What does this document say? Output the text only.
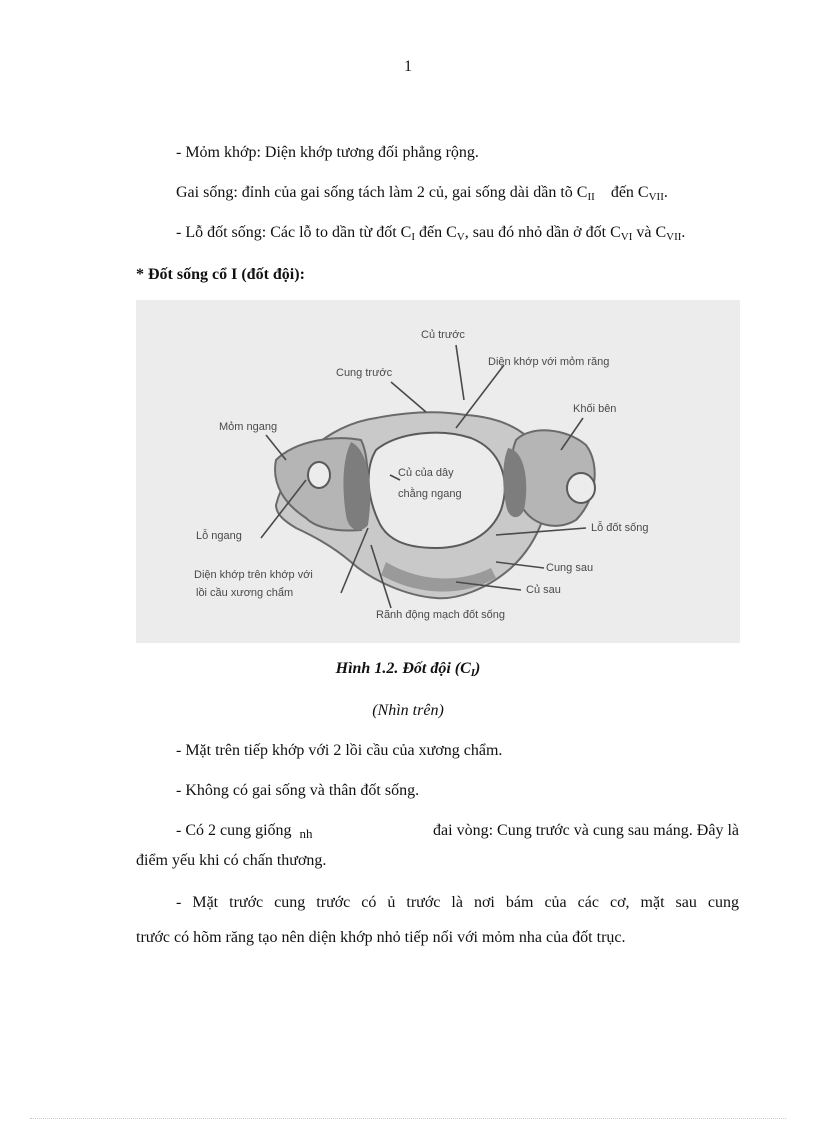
1
- Mỏm khớp: Diện khớp tương đối phẳng rộng.
Gai sống: đỉnh của gai sống tách làm 2 củ, gai sống dài dần tõ $C_{II}$ đến $C_{VII}$.
- Lỗ đốt sống: Các lỗ to dần từ đốt $C_I$ đến $C_V$, sau đó nhỏ dần ở đốt $C_{VI}$ và $C_{VII}$.
* Đốt sống cổ I (đốt đội):
Củ trước
Cung trước
Diện khớp với mỏm răng
Khối bên
Mỏm ngang
Củ của dây
chằng ngang
Lỗ ngang
Lỗ đốt sống
Diện khớp trên khớp với
lồi cầu xương chẩm
Cung sau
Củ sau
Rãnh động mạch đốt sống
Hình 1.2. Đốt đội $(C_I)$
(Nhìn trên)
- Mặt trên tiếp khớp với 2 lồi cầu của xương chẩm.
- Không có gai sống và thân đốt sống.
- Có 2 cung giống nh	đai vòng: Cung trước và cung sau máng. Đây là
điểm yếu khi có chấn thương.
- Mặt trước cung trước có ủ trước là nơi bám của các cơ, mặt sau cung
trước có hõm răng tạo nên diện khớp nhỏ tiếp nối với mỏm nha của đốt trục.
